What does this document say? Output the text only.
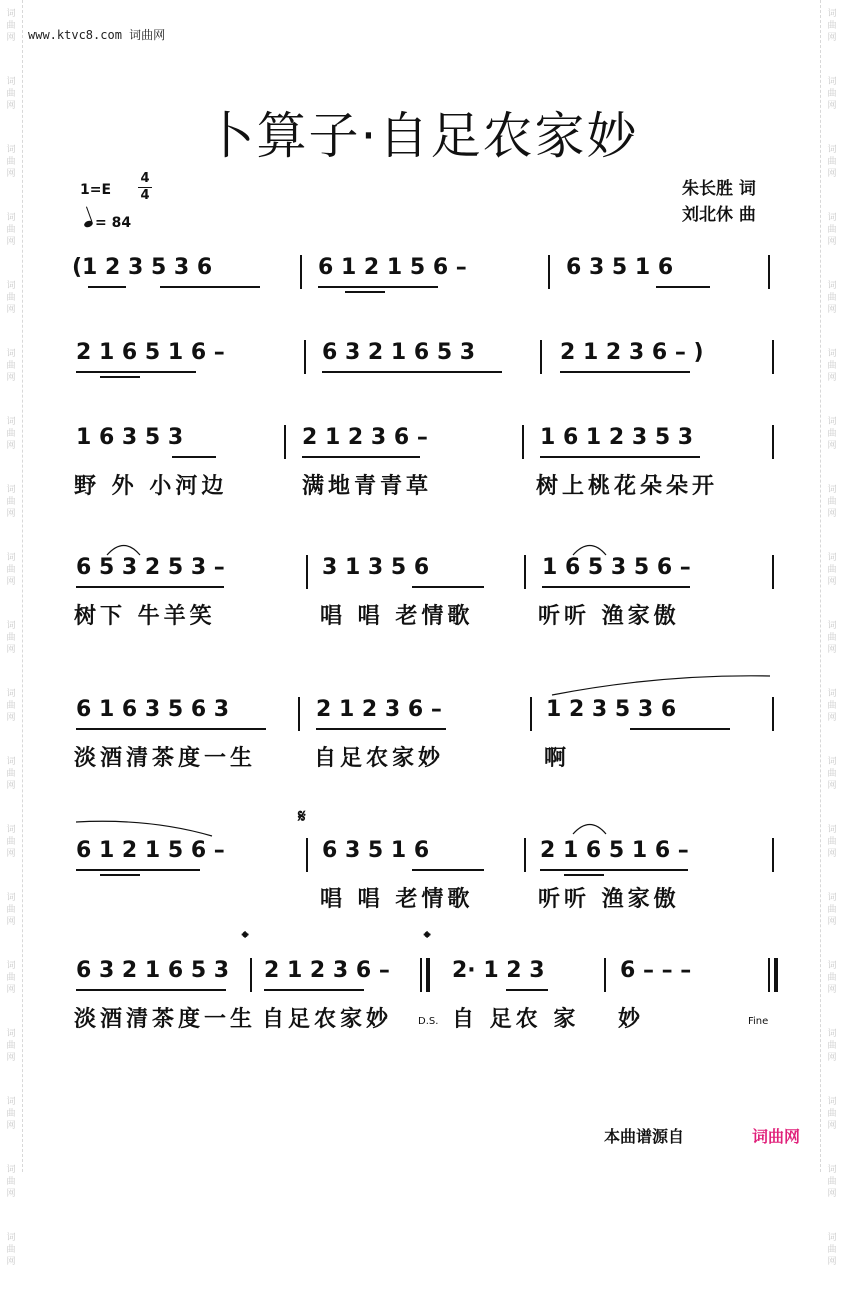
词
曲
网
词
曲
网
词
曲
网
词
曲
网
词
曲
网
词
曲
网
词
曲
网
词
曲
网
词
曲
网
词
曲
网
词
曲
网
词
曲
网
词
曲
网
词
曲
网
词
曲
网
词
曲
网
词
曲
网
词
曲
网
词
曲
网
词
曲
网
词
曲
网
词
曲
网
词
曲
网
词
曲
网
词
曲
网
词
曲
网
词
曲
网
词
曲
网
词
曲
网
词
曲
网
词
曲
网
词
曲
网
词
曲
网
词
曲
网
词
曲
网
词
曲
网
词
曲
网
词
曲
网
www.ktvc8.com 词曲网
卜算子·自足农家妙
1=E
4
4
= 84
朱长胜 词
刘北休 曲
(1 2 3 5 3 6	6 1 2 1 5 6 –	6 3 5 1 6
2 1 6 5 1 6 –	6 3 2 1 6 5 3	2 1 2 3 6 – )
1 6 3 5 3	2 1 2 3 6 –	1 6 1 2 3 5 3
野 外 小河边	满地青青草	树上桃花朵朵开
6 5 3 2 5 3 –	3 1 3 5 6	1 6 5 3 5 6 –
树下 牛羊笑	唱 唱 老情歌	听听 渔家傲
6 1 6 3 5 6 3	2 1 2 3 6 –	1 2 3 5 3 6
淡酒清茶度一生	自足农家妙	啊
6 1 2 1 5 6 –
𝄋
6 3 5 1 6	2 1 6 5 1 6 –
唱 唱 老情歌	听听 渔家傲
6 3 2 1 6 5 3
𝄌
2 1 2 3 6 –
𝄌
2· 1 2 3	6 – – –
淡酒清茶度一生 自足农家妙	D.S. 自 足农 家 妙	Fine
本曲谱源自	词曲网
